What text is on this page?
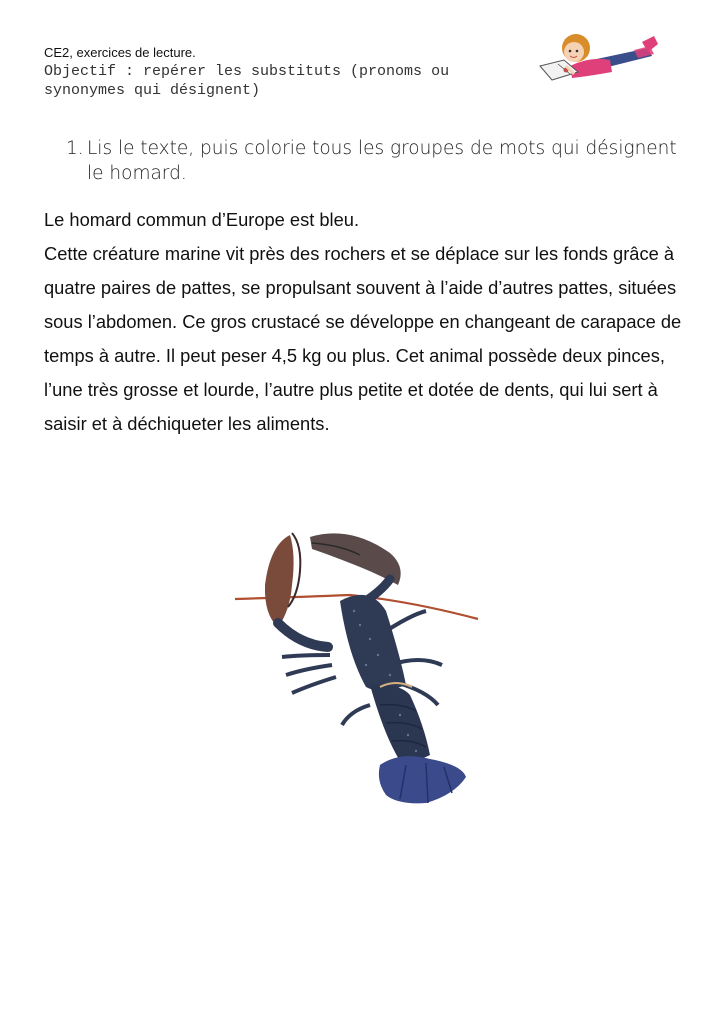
CE2, exercices de lecture.
Objectif : repérer les substituts (pronoms ou synonymes qui désignent)
1. Lis le texte, puis colorie tous les groupes de mots qui désignent le homard.

Le homard commun d’Europe est bleu.

Cette créature marine vit près des rochers et se déplace sur les fonds grâce à quatre paires de pattes, se propulsant souvent à l’aide d’autres pattes, situées sous l’abdomen. Ce gros crustacé se développe en changeant de carapace de temps à autre. Il peut peser 4,5 kg ou plus. Cet animal possède deux pinces, l’une très grosse et lourde, l’autre plus petite et dotée de dents, qui lui sert à saisir et à déchiqueter les aliments.
